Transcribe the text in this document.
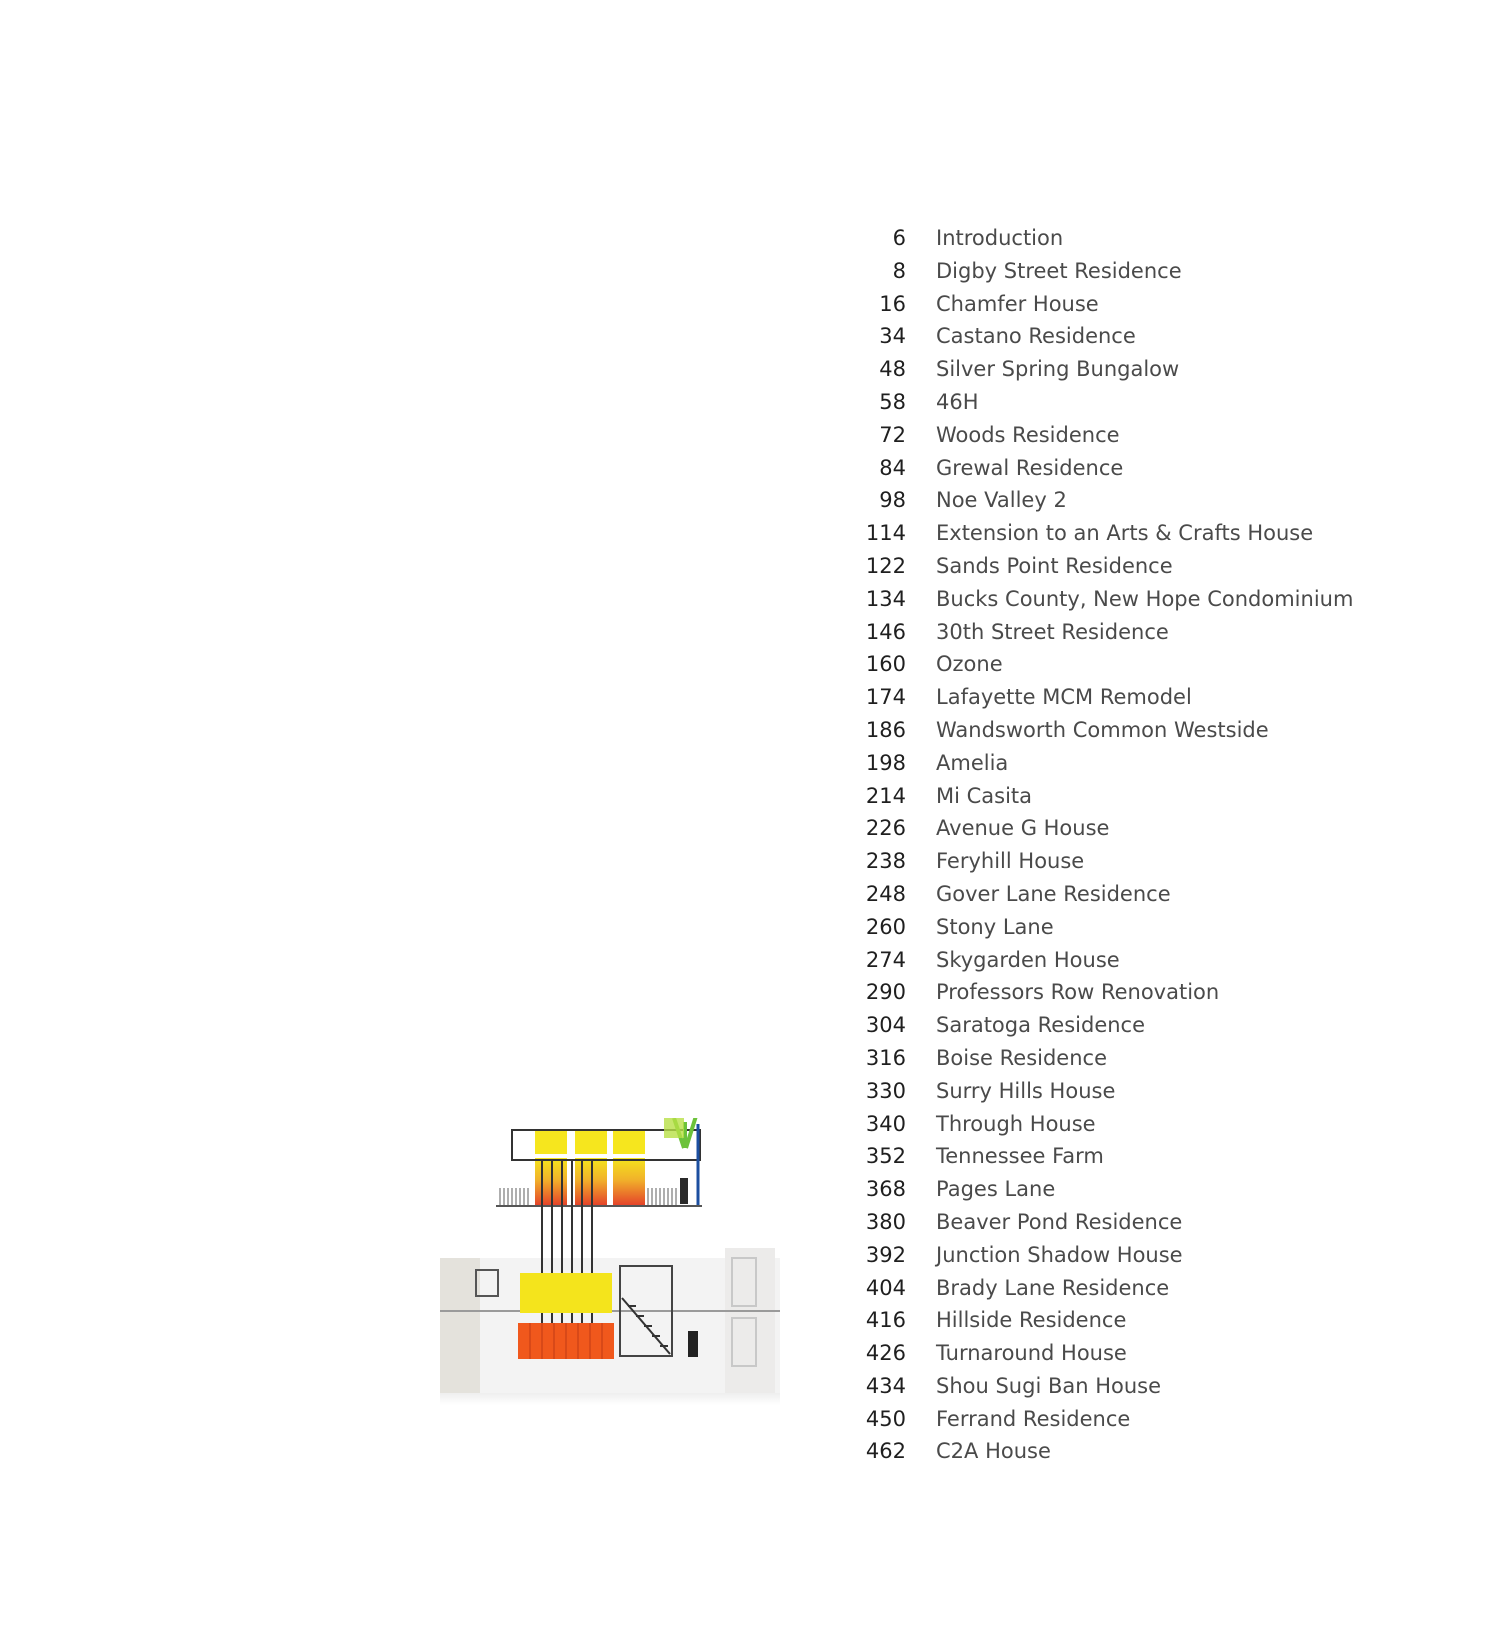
6	Introduction
8	Digby Street Residence
16	Chamfer House
34	Castano Residence
48	Silver Spring Bungalow
58	46H
72	Woods Residence
84	Grewal Residence
98	Noe Valley 2
114	Extension to an Arts & Crafts House
122	Sands Point Residence
134	Bucks County, New Hope Condominium
146	30th Street Residence
160	Ozone
174	Lafayette MCM Remodel
186	Wandsworth Common Westside
198	Amelia
214	Mi Casita
226	Avenue G House
238	Feryhill House
248	Gover Lane Residence
260	Stony Lane
274	Skygarden House
290	Professors Row Renovation
304	Saratoga Residence
316	Boise Residence
330	Surry Hills House
340	Through House
352	Tennessee Farm
368	Pages Lane
380	Beaver Pond Residence
392	Junction Shadow House
404	Brady Lane Residence
416	Hillside Residence
426	Turnaround House
434	Shou Sugi Ban House
450	Ferrand Residence
462	C2A House
